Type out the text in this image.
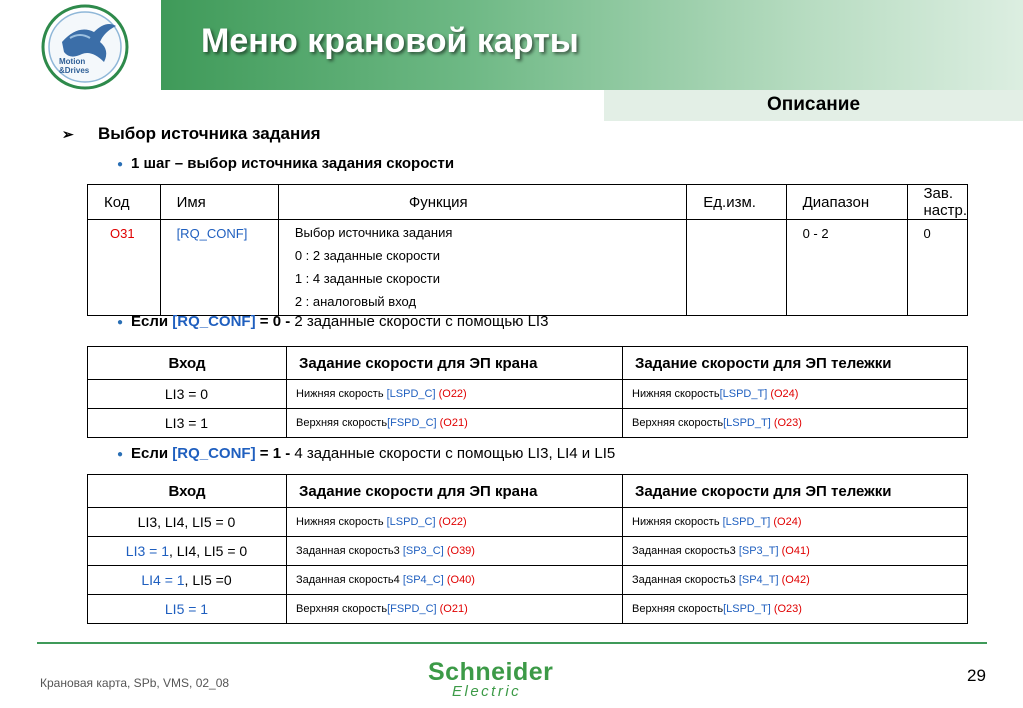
Motion
&Drives
Меню крановой карты
Описание
➢ Выбор источника задания
● 1 шаг – выбор источника задания скорости
Код	Имя	Функция	Ед.изм.	Диапазон	Зав. настр.
O31	[RQ_CONF]	Выбор источника задания
0 : 2 заданные скорости
1 : 4 заданные скорости
2 : аналоговый вход		0 - 2	0
● Если [RQ_CONF] = 0 - 2 заданные скорости с помощью LI3
Вход	Задание скорости для ЭП крана	Задание скорости для ЭП тележки
LI3 = 0	Нижняя скорость [LSPD_C] (O22)	Нижняя скорость[LSPD_T] (O24)
LI3 = 1	Верхняя скорость[FSPD_C] (O21)	Верхняя скорость[LSPD_T] (O23)
● Если [RQ_CONF] = 1 - 4 заданные скорости с помощью LI3, LI4 и LI5
Вход	Задание скорости для ЭП крана	Задание скорости для ЭП тележки
LI3, LI4, LI5 = 0	Нижняя скорость [LSPD_C] (O22)	Нижняя скорость [LSPD_T] (O24)
LI3 = 1, LI4, LI5 = 0	Заданная скорость3 [SP3_C] (O39)	Заданная скорость3 [SP3_T] (O41)
LI4 = 1, LI5 =0	Заданная скорость4 [SP4_C] (O40)	Заданная скорость3 [SP4_T] (O42)
LI5 = 1	Верхняя скорость[FSPD_C] (O21)	Верхняя скорость[LSPD_T] (O23)
Крановая карта, SPb, VMS, 02_08	Schneider
Electric
29
